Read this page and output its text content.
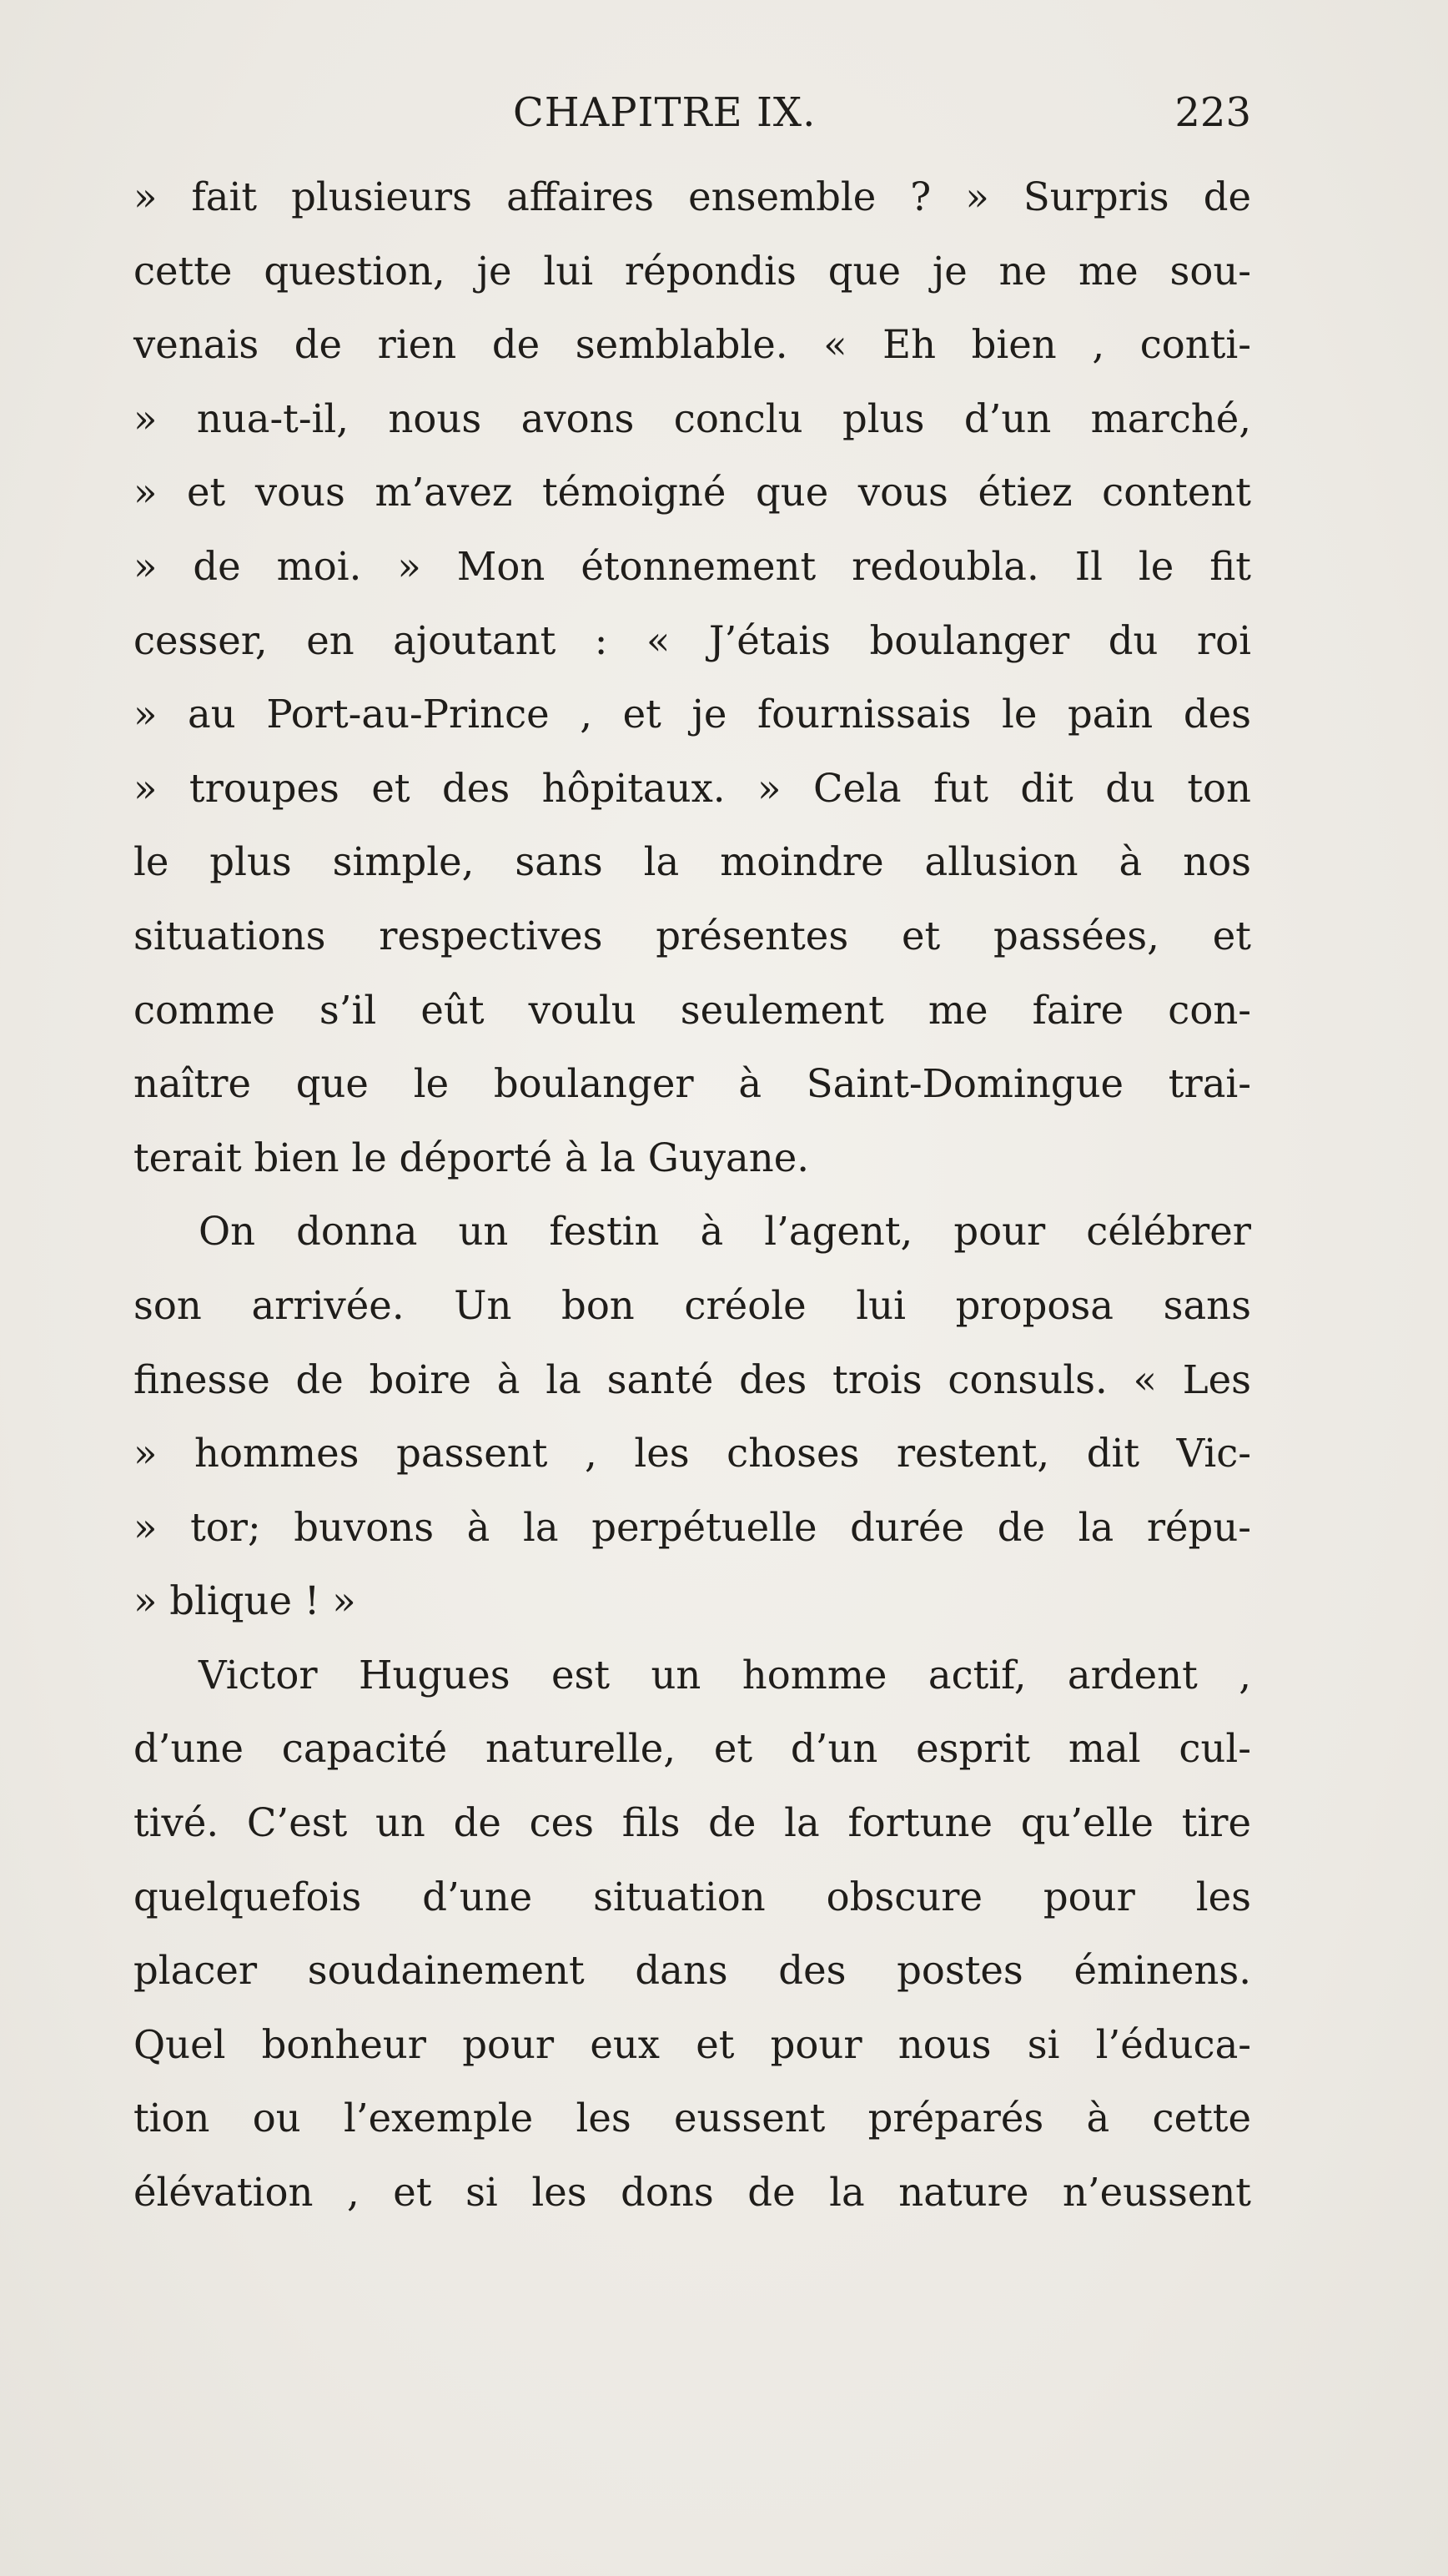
CHAPITRE IX.	223
» fait plusieurs affaires ensemble ? » Surpris de
cette question, je lui répondis que je ne me sou-
venais de rien de semblable. « Eh bien , conti-
» nua-t-il, nous avons conclu plus d’un marché,
» et vous m’avez témoigné que vous étiez content
» de moi. » Mon étonnement redoubla. Il le fit
cesser, en ajoutant : « J’étais boulanger du roi
» au Port-au-Prince , et je fournissais le pain des
» troupes et des hôpitaux. » Cela fut dit du ton
le plus simple, sans la moindre allusion à nos
situations respectives présentes et passées, et
comme s’il eût voulu seulement me faire con-
naître que le boulanger à Saint-Domingue trai-
terait bien le déporté à la Guyane.
On donna un festin à l’agent, pour célébrer
son arrivée. Un bon créole lui proposa sans
finesse de boire à la santé des trois consuls. « Les
» hommes passent , les choses restent, dit Vic-
» tor; buvons à la perpétuelle durée de la répu-
» blique ! »
Victor Hugues est un homme actif, ardent ,
d’une capacité naturelle, et d’un esprit mal cul-
tivé. C’est un de ces fils de la fortune qu’elle tire
quelquefois d’une situation obscure pour les
placer soudainement dans des postes éminens.
Quel bonheur pour eux et pour nous si l’éduca-
tion ou l’exemple les eussent préparés à cette
élévation , et si les dons de la nature n’eussent
